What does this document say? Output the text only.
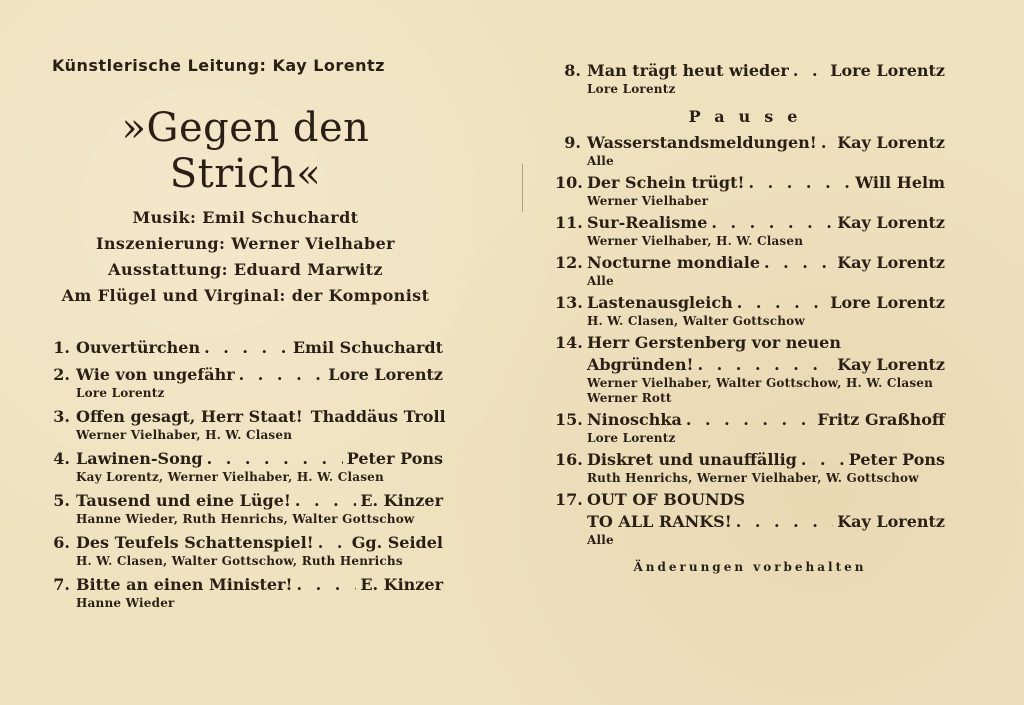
Künstlerische Leitung: Kay Lorentz
»Gegen den Strich«
Musik: Emil Schuchardt
Inszenierung: Werner Vielhaber
Ausstattung: Eduard Marwitz
Am Flügel und Virginal: der Komponist
1. Ouvertürchen . . .	Emil Schuchardt
2. Wie von ungefähr . . .	Lore Lorentz
Lore Lorentz
3. Offen gesagt, Herr Staat! Thaddäus Troll
Werner Vielhaber, H. W. Clasen
4. Lawinen-Song . . .	Peter Pons
Kay Lorentz, Werner Vielhaber, H. W. Clasen
5. Tausend und eine Lüge! . . .	E. Kinzer
Hanne Wieder, Ruth Henrichs, Walter Gottschow
6. Des Teufels Schattenspiel! . . . Gg. Seidel
H. W. Clasen, Walter Gottschow, Ruth Henrichs
7. Bitte an einen Minister! . . .	E. Kinzer
Hanne Wieder
8. Man trägt heut wieder . . .	Lore Lorentz
Lore Lorentz
Pause
9. Wasserstandsmeldungen! . . . Kay Lorentz
Alle
10. Der Schein trügt! . . .	Will Helm
Werner Vielhaber
11. Sur-Realisme . . .	Kay Lorentz
Werner Vielhaber, H. W. Clasen
12. Nocturne mondiale . . .	Kay Lorentz
Alle
13. Lastenausgleich . . .	Lore Lorentz
H. W. Clasen, Walter Gottschow
14. Herr Gerstenberg vor neuen
Abgründen! . . .	Kay Lorentz
Werner Vielhaber, Walter Gottschow, H. W. Clasen
Werner Rott
15. Ninoschka . . .	Fritz Graßhoff
Lore Lorentz
16. Diskret und unauffällig . . .	Peter Pons
Ruth Henrichs, Werner Vielhaber, W. Gottschow
17. OUT OF BOUNDS
TO ALL RANKS! . . .	Kay Lorentz
Alle
Änderungen vorbehalten
